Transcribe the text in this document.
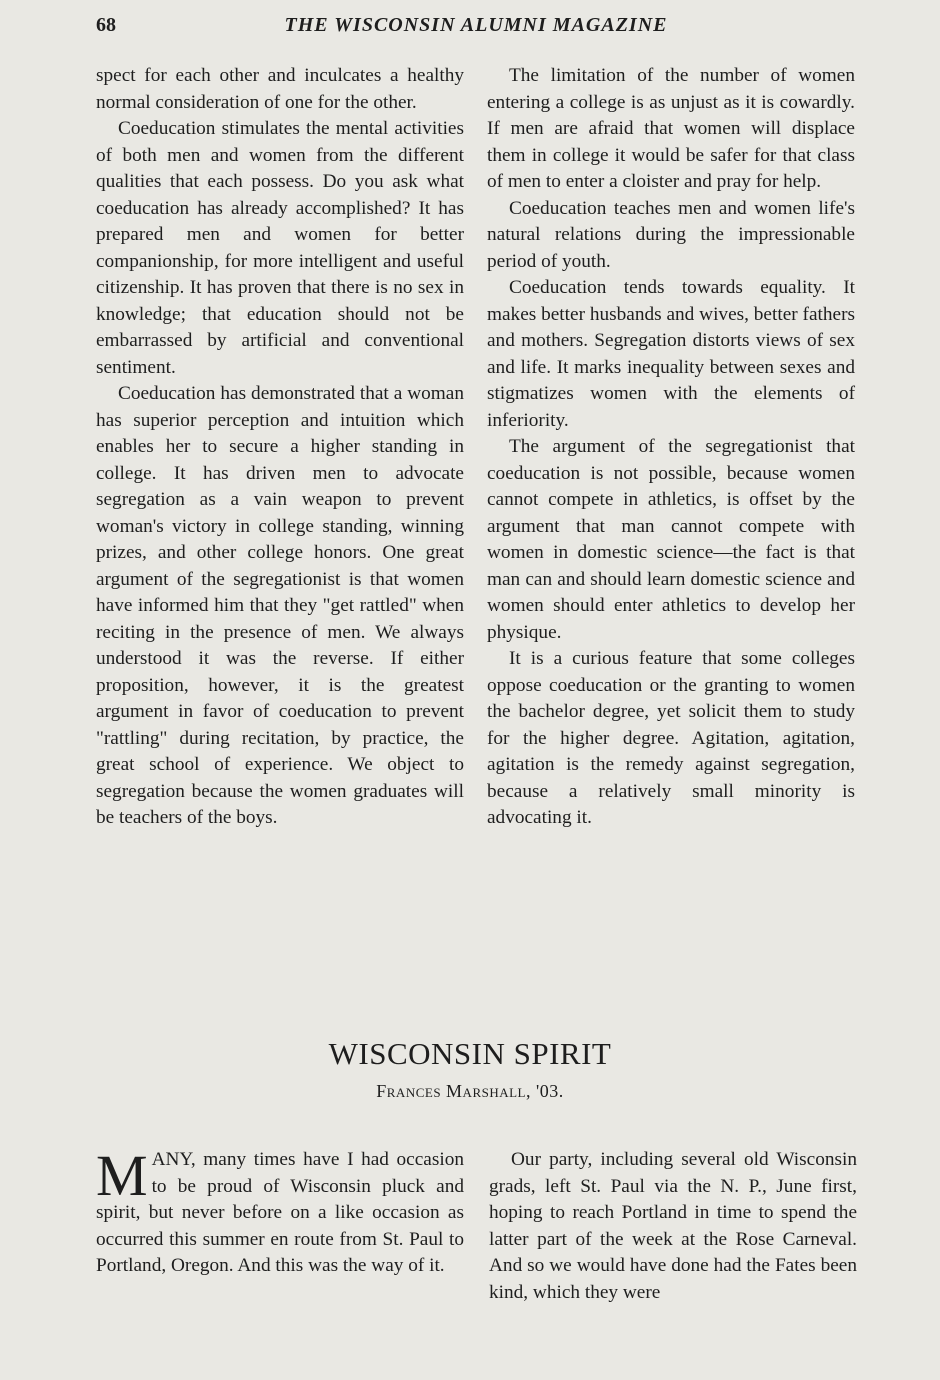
68	THE WISCONSIN ALUMNI MAGAZINE

spect for each other and inculcates a healthy normal consideration of one for the other.

Coeducation stimulates the mental activities of both men and women from the different qualities that each possess. Do you ask what coeducation has already accomplished? It has prepared men and women for better companionship, for more intelligent and useful citizenship. It has proven that there is no sex in knowledge; that education should not be embarrassed by artificial and conventional sentiment.

Coeducation has demonstrated that a woman has superior perception and intuition which enables her to secure a higher standing in college. It has driven men to advocate segregation as a vain weapon to prevent woman's victory in college standing, winning prizes, and other college honors. One great argument of the segregationist is that women have informed him that they "get rattled" when reciting in the presence of men. We always understood it was the reverse. If either proposition, however, it is the greatest argument in favor of coeducation to prevent "rattling" during recitation, by practice, the great school of experience. We object to segregation because the women graduates will be teachers of the boys.

The limitation of the number of women entering a college is as unjust as it is cowardly. If men are afraid that women will displace them in college it would be safer for that class of men to enter a cloister and pray for help.

Coeducation teaches men and women life's natural relations during the impressionable period of youth.

Coeducation tends towards equality. It makes better husbands and wives, better fathers and mothers. Segregation distorts views of sex and life. It marks inequality between sexes and stigmatizes women with the elements of inferiority.

The argument of the segregationist that coeducation is not possible, because women cannot compete in athletics, is offset by the argument that man cannot compete with women in domestic science—the fact is that man can and should learn domestic science and women should enter athletics to develop her physique.

It is a curious feature that some colleges oppose coeducation or the granting to women the bachelor degree, yet solicit them to study for the higher degree. Agitation, agitation, agitation is the remedy against segregation, because a relatively small minority is advocating it.

WISCONSIN SPIRIT
Frances Marshall, '03.

MANY, many times have I had occasion to be proud of Wisconsin pluck and spirit, but never before on a like occasion as occurred this summer en route from St. Paul to Portland, Oregon. And this was the way of it.

Our party, including several old Wisconsin grads, left St. Paul via the N. P., June first, hoping to reach Portland in time to spend the latter part of the week at the Rose Carneval. And so we would have done had the Fates been kind, which they were
